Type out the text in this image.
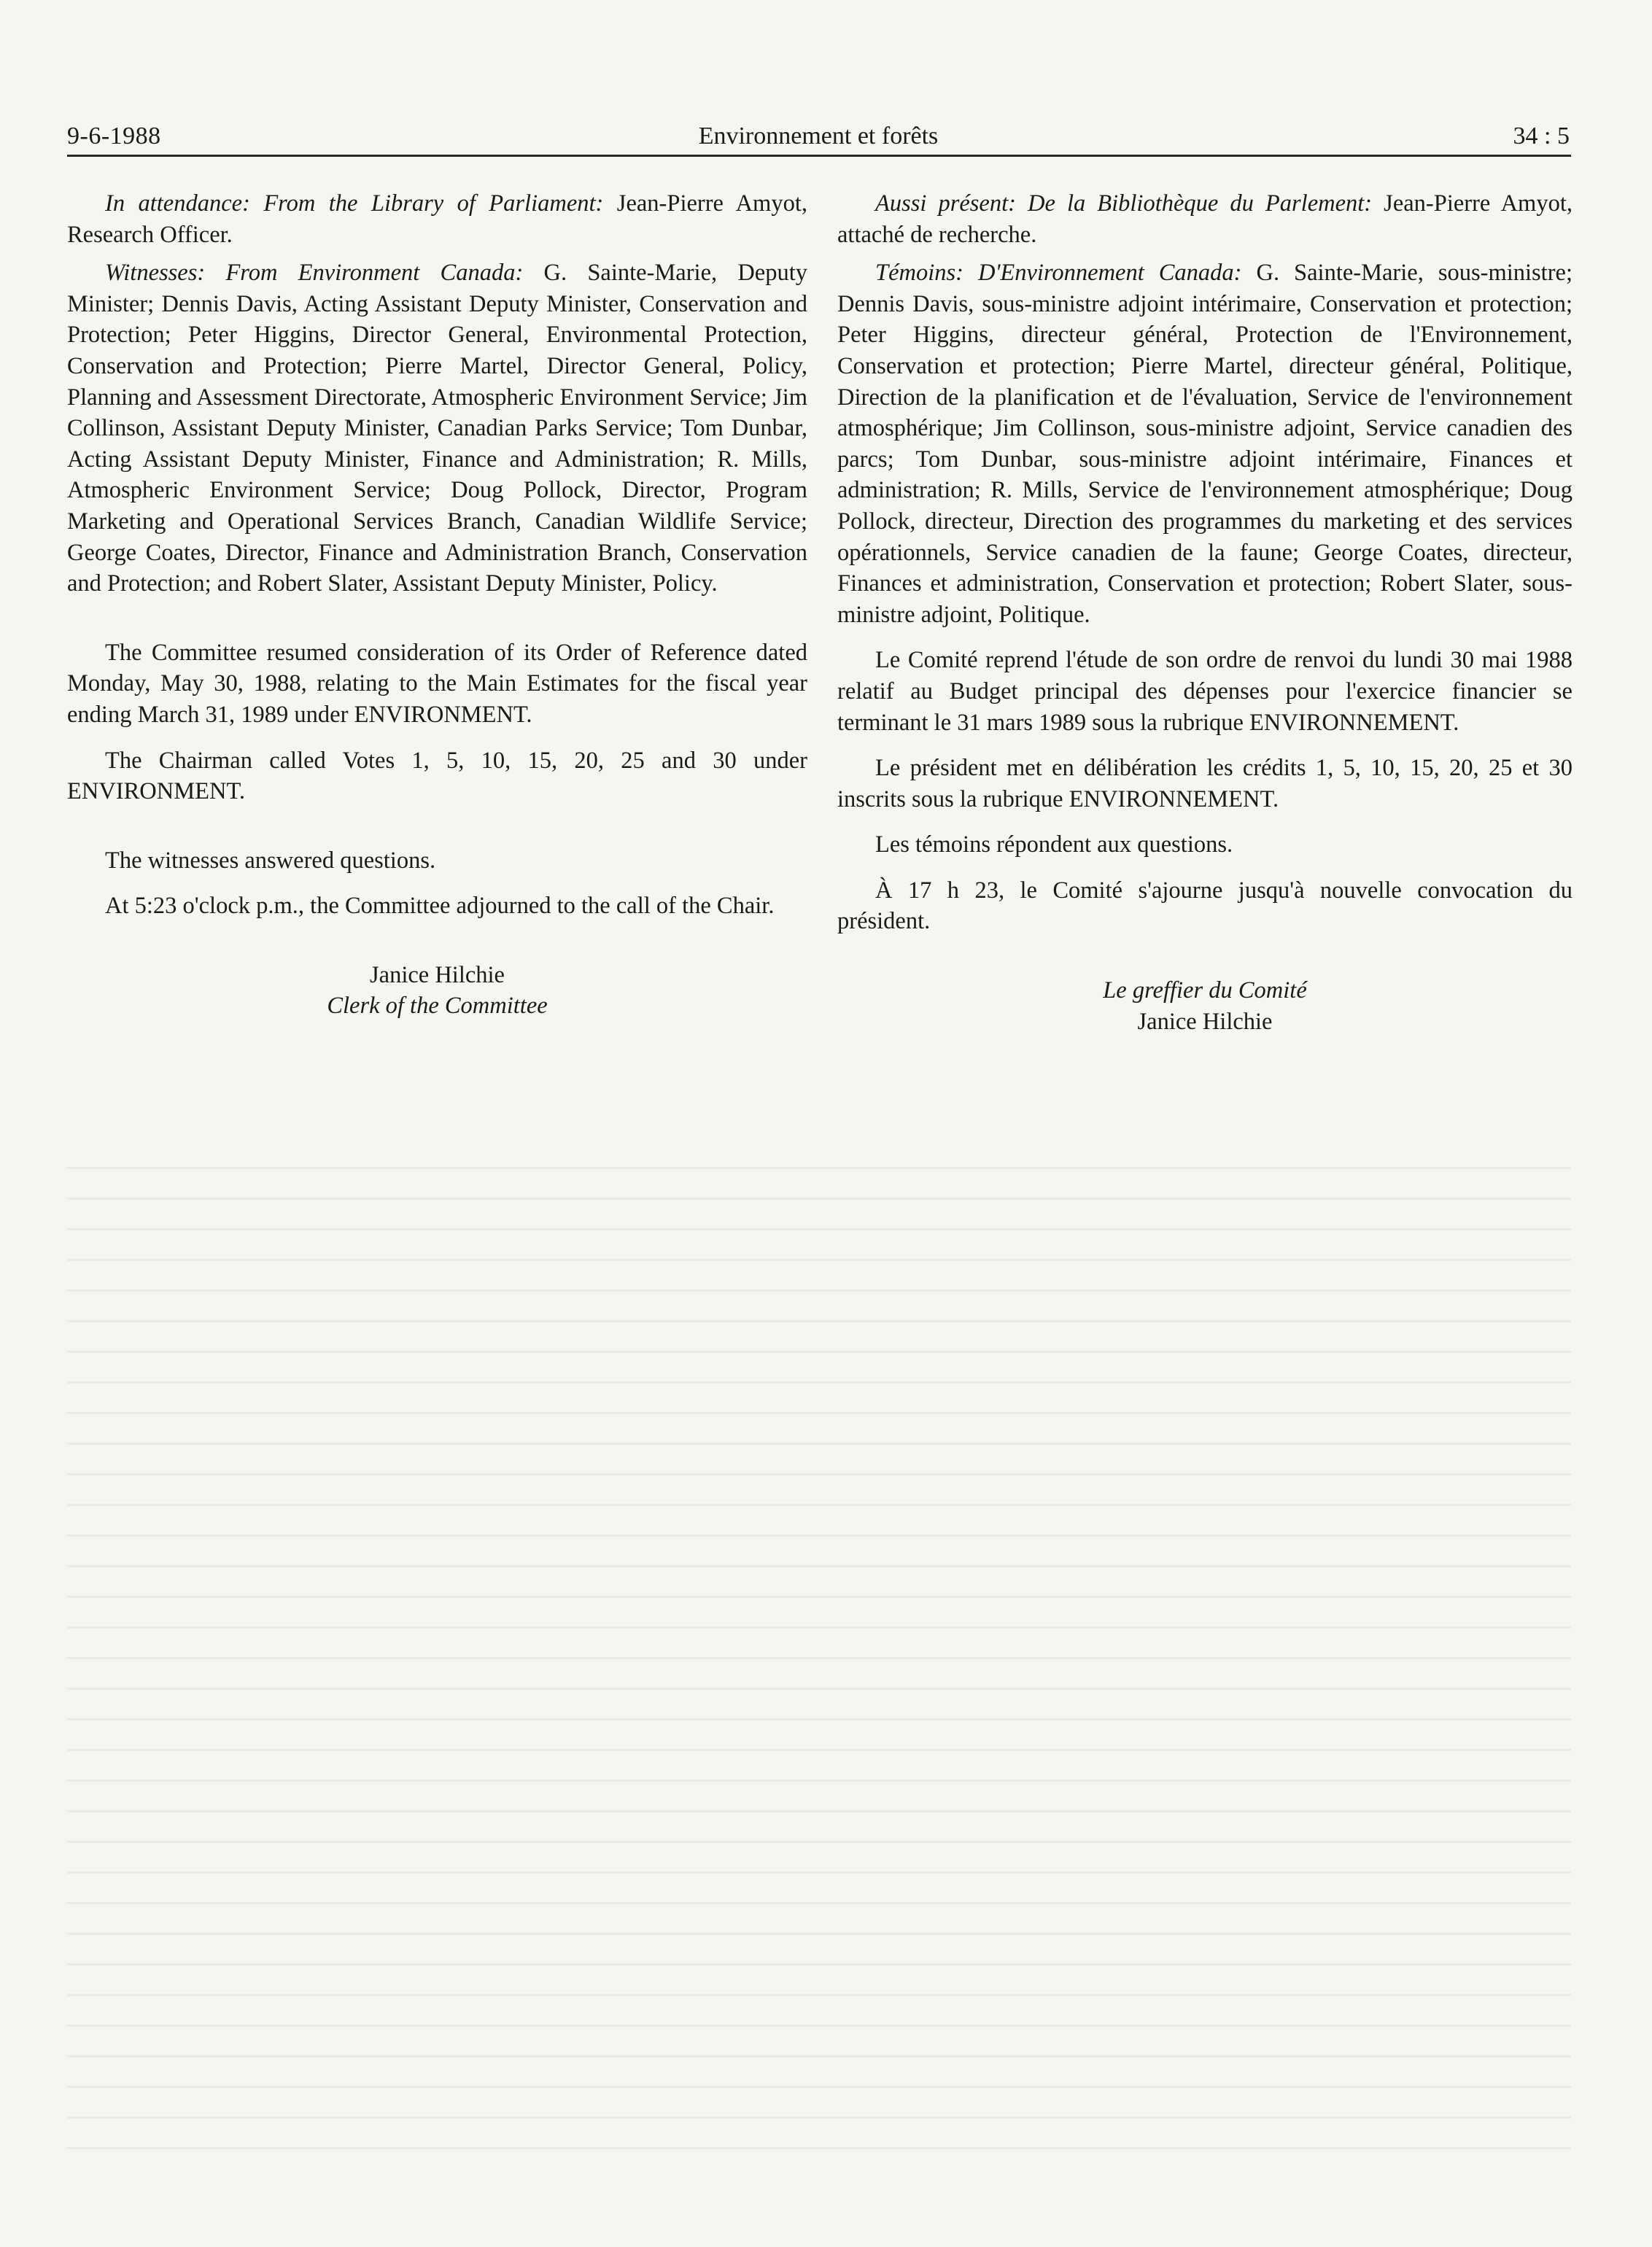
9-6-1988	Environnement et forêts	34 : 5

In attendance: From the Library of Parliament: Jean-Pierre Amyot, Research Officer.

Witnesses: From Environment Canada: G. Sainte-Marie, Deputy Minister; Dennis Davis, Acting Assistant Deputy Minister, Conservation and Protection; Peter Higgins, Director General, Environmental Protection, Conservation and Protection; Pierre Martel, Director General, Policy, Planning and Assessment Directorate, Atmospheric Environment Service; Jim Collinson, Assistant Deputy Minister, Canadian Parks Service; Tom Dunbar, Acting Assistant Deputy Minister, Finance and Administration; R. Mills, Atmospheric Environment Service; Doug Pollock, Director, Program Marketing and Operational Services Branch, Canadian Wildlife Service; George Coates, Director, Finance and Administration Branch, Conservation and Protection; and Robert Slater, Assistant Deputy Minister, Policy.

The Committee resumed consideration of its Order of Reference dated Monday, May 30, 1988, relating to the Main Estimates for the fiscal year ending March 31, 1989 under ENVIRONMENT.

The Chairman called Votes 1, 5, 10, 15, 20, 25 and 30 under ENVIRONMENT.

The witnesses answered questions.

At 5:23 o'clock p.m., the Committee adjourned to the call of the Chair.

Janice Hilchie

Clerk of the Committee

Aussi présent: De la Bibliothèque du Parlement: Jean-Pierre Amyot, attaché de recherche.

Témoins: D'Environnement Canada: G. Sainte-Marie, sous-ministre; Dennis Davis, sous-ministre adjoint intérimaire, Conservation et protection; Peter Higgins, directeur général, Protection de l'Environnement, Conservation et protection; Pierre Martel, directeur général, Politique, Direction de la planification et de l'évaluation, Service de l'environnement atmosphérique; Jim Collinson, sous-ministre adjoint, Service canadien des parcs; Tom Dunbar, sous-ministre adjoint intérimaire, Finances et administration; R. Mills, Service de l'environnement atmosphérique; Doug Pollock, directeur, Direction des programmes du marketing et des services opérationnels, Service canadien de la faune; George Coates, directeur, Finances et administration, Conservation et protection; Robert Slater, sous-ministre adjoint, Politique.

Le Comité reprend l'étude de son ordre de renvoi du lundi 30 mai 1988 relatif au Budget principal des dépenses pour l'exercice financier se terminant le 31 mars 1989 sous la rubrique ENVIRONNEMENT.

Le président met en délibération les crédits 1, 5, 10, 15, 20, 25 et 30 inscrits sous la rubrique ENVIRONNEMENT.

Les témoins répondent aux questions.

À 17 h 23, le Comité s'ajourne jusqu'à nouvelle convocation du président.

Le greffier du Comité

Janice Hilchie
